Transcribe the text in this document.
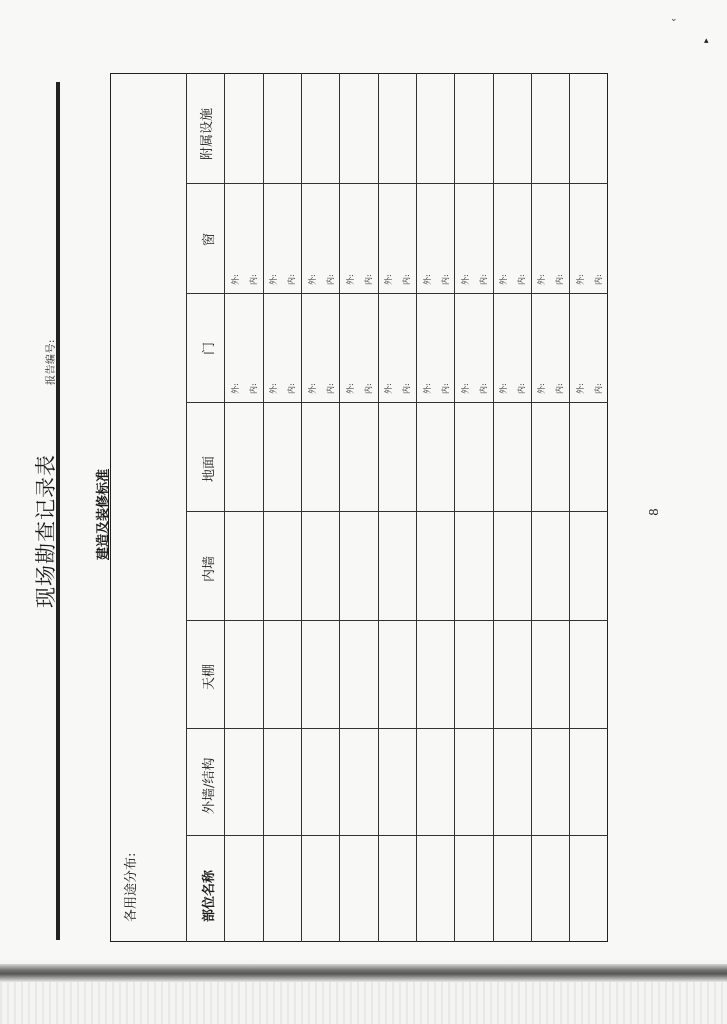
⌄
▴
现场勘查记录表
报告编号:
建造及装修标准	8
附属设施
窗
门
地面
内墙
天棚
外墙/结构
部位名称
各用途分布:
外: 内:
外: 内:
外: 内:
外: 内:
外: 内:
外: 内:
外: 内:
外: 内:
外: 内:
外: 内:
外: 内:
外: 内:
外: 内:
外: 内:
外: 内:
外: 内:
外: 内:
外: 内:
外: 内:
外: 内:
